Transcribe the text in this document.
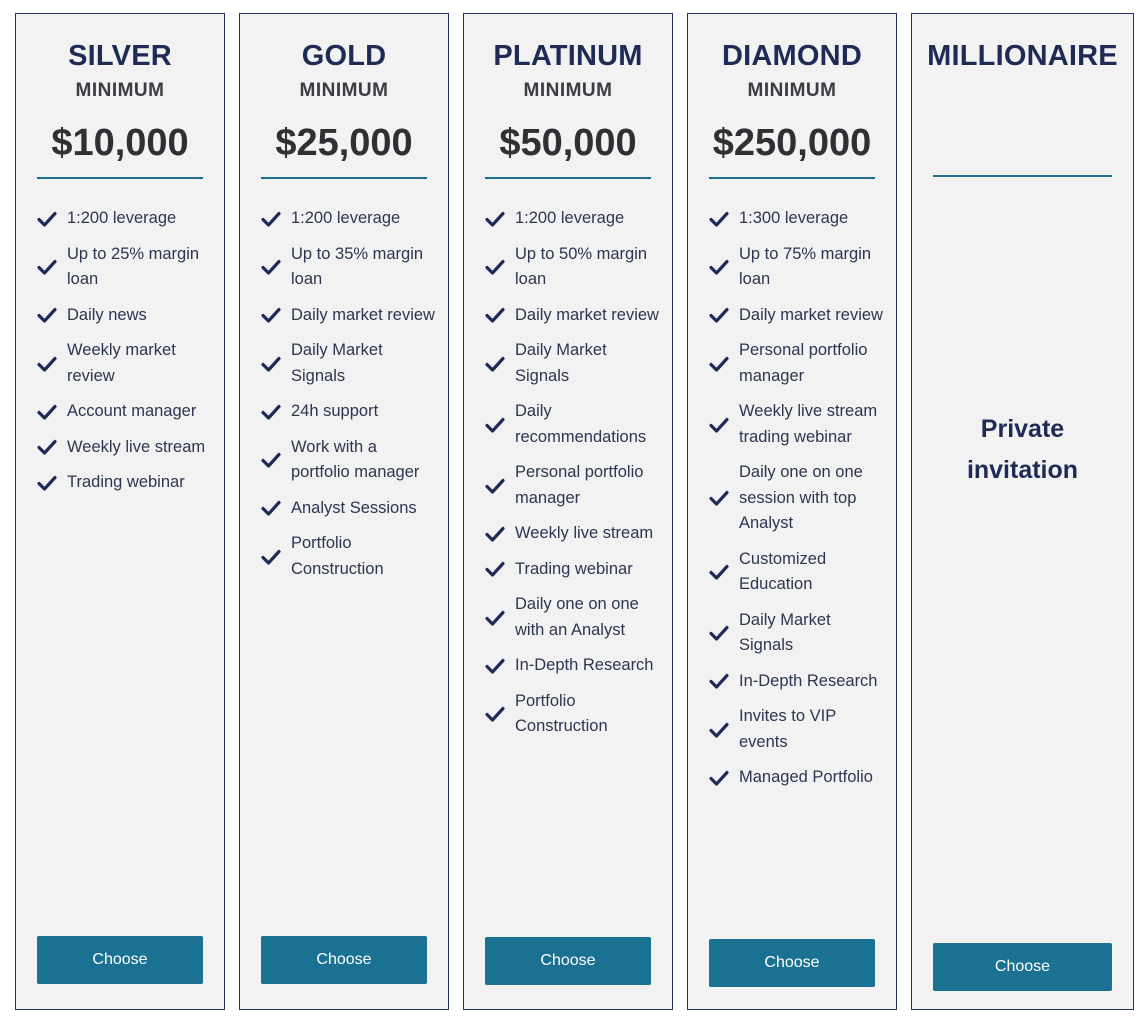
SILVER
MINIMUM
$10,000
1:200 leverage
Up to 25% margin loan
Daily news
Weekly market review
Account manager
Weekly live stream
Trading webinar
Choose
GOLD
MINIMUM
$25,000
1:200 leverage
Up to 35% margin loan
Daily market review
Daily Market Signals
24h support
Work with a portfolio manager
Analyst Sessions
Portfolio Construction
Choose
PLATINUM
MINIMUM
$50,000
1:200 leverage
Up to 50% margin loan
Daily market review
Daily Market Signals
Daily recommendations
Personal portfolio manager
Weekly live stream
Trading webinar
Daily one on one with an Analyst
In-Depth Research
Portfolio Construction
Choose
DIAMOND
MINIMUM
$250,000
1:300 leverage
Up to 75% margin loan
Daily market review
Personal portfolio manager
Weekly live stream trading webinar
Daily one on one session with top Analyst
Customized Education
Daily Market Signals
In-Depth Research
Invites to VIP events
Managed Portfolio
Choose
MILLIONAIRE
Private invitation
Choose
